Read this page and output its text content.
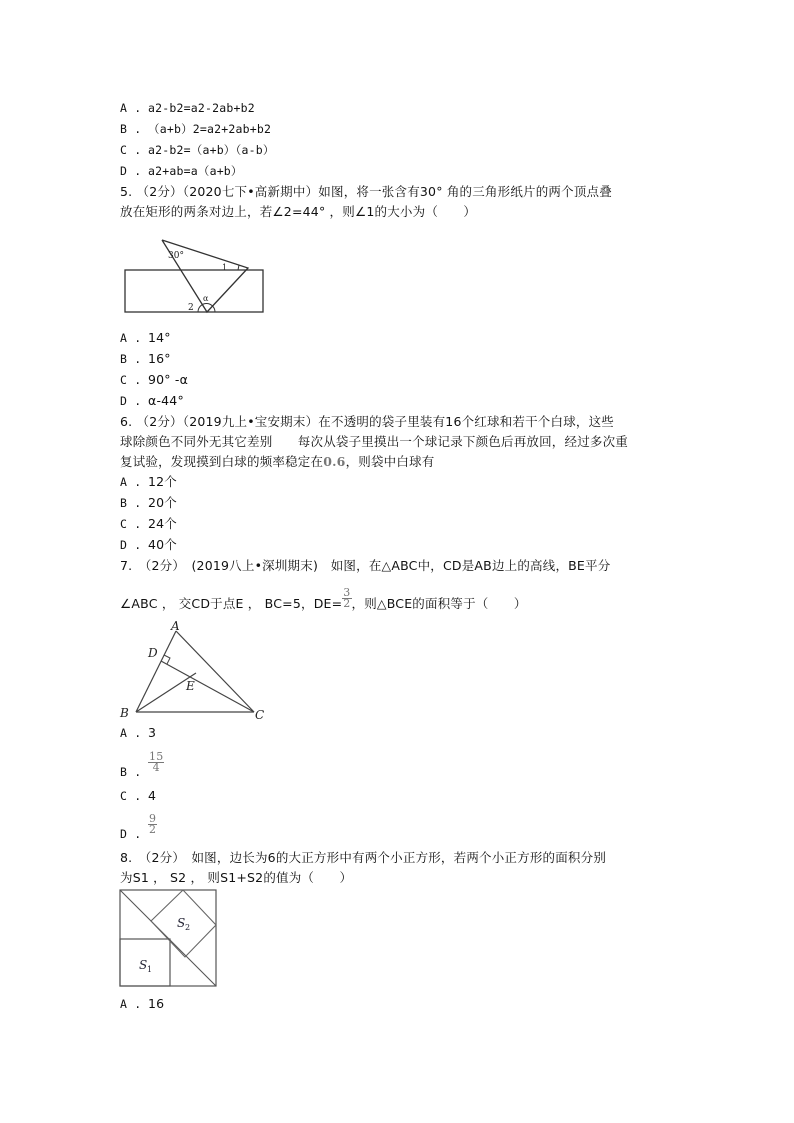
A . a2-b2=a2-2ab+b2
B . （a+b）2=a2+2ab+b2
C . a2-b2=（a+b）（a-b）
D . a2+ab=a（a+b）
5. （2分）（2020七下•高新期中）如图，将一张含有30° 角的三角形纸片的两个顶点叠
放在矩形的两条对边上，若∠2=44° ，则∠1的大小为（　　）
30°
1
2
α
A . 14°
B . 16°
C . 90° -α
D . α-44°
6. （2分）（2019九上•宝安期末）在不透明的袋子里装有16个红球和若干个白球，这些
球除颜色不同外无其它差别　　每次从袋子里摸出一个球记录下颜色后再放回，经过多次重
复试验，发现摸到白球的频率稳定在0.6，则袋中白球有
A . 12个
B . 20个
C . 24个
D . 40个
7.　（2分）　(2019八上•深圳期末)　如图，在△ABC中，CD是AB边上的高线，BE平分
∠ABC ， 交CD于点E ， BC=5，$DE= \frac{3}{2}$ ，则△BCE的面积等于（　　）
A
D
E
B	C
A . 3
B . $\frac{15}{4}$
C . 4
D . $\frac{9}{2}$
8.　（2分）　如图，边长为6的大正方形中有两个小正方形，若两个小正方形的面积分别
为S1 ， S2 ， 则S1+S2的值为（　　）
S 1
S 2
A . 16
